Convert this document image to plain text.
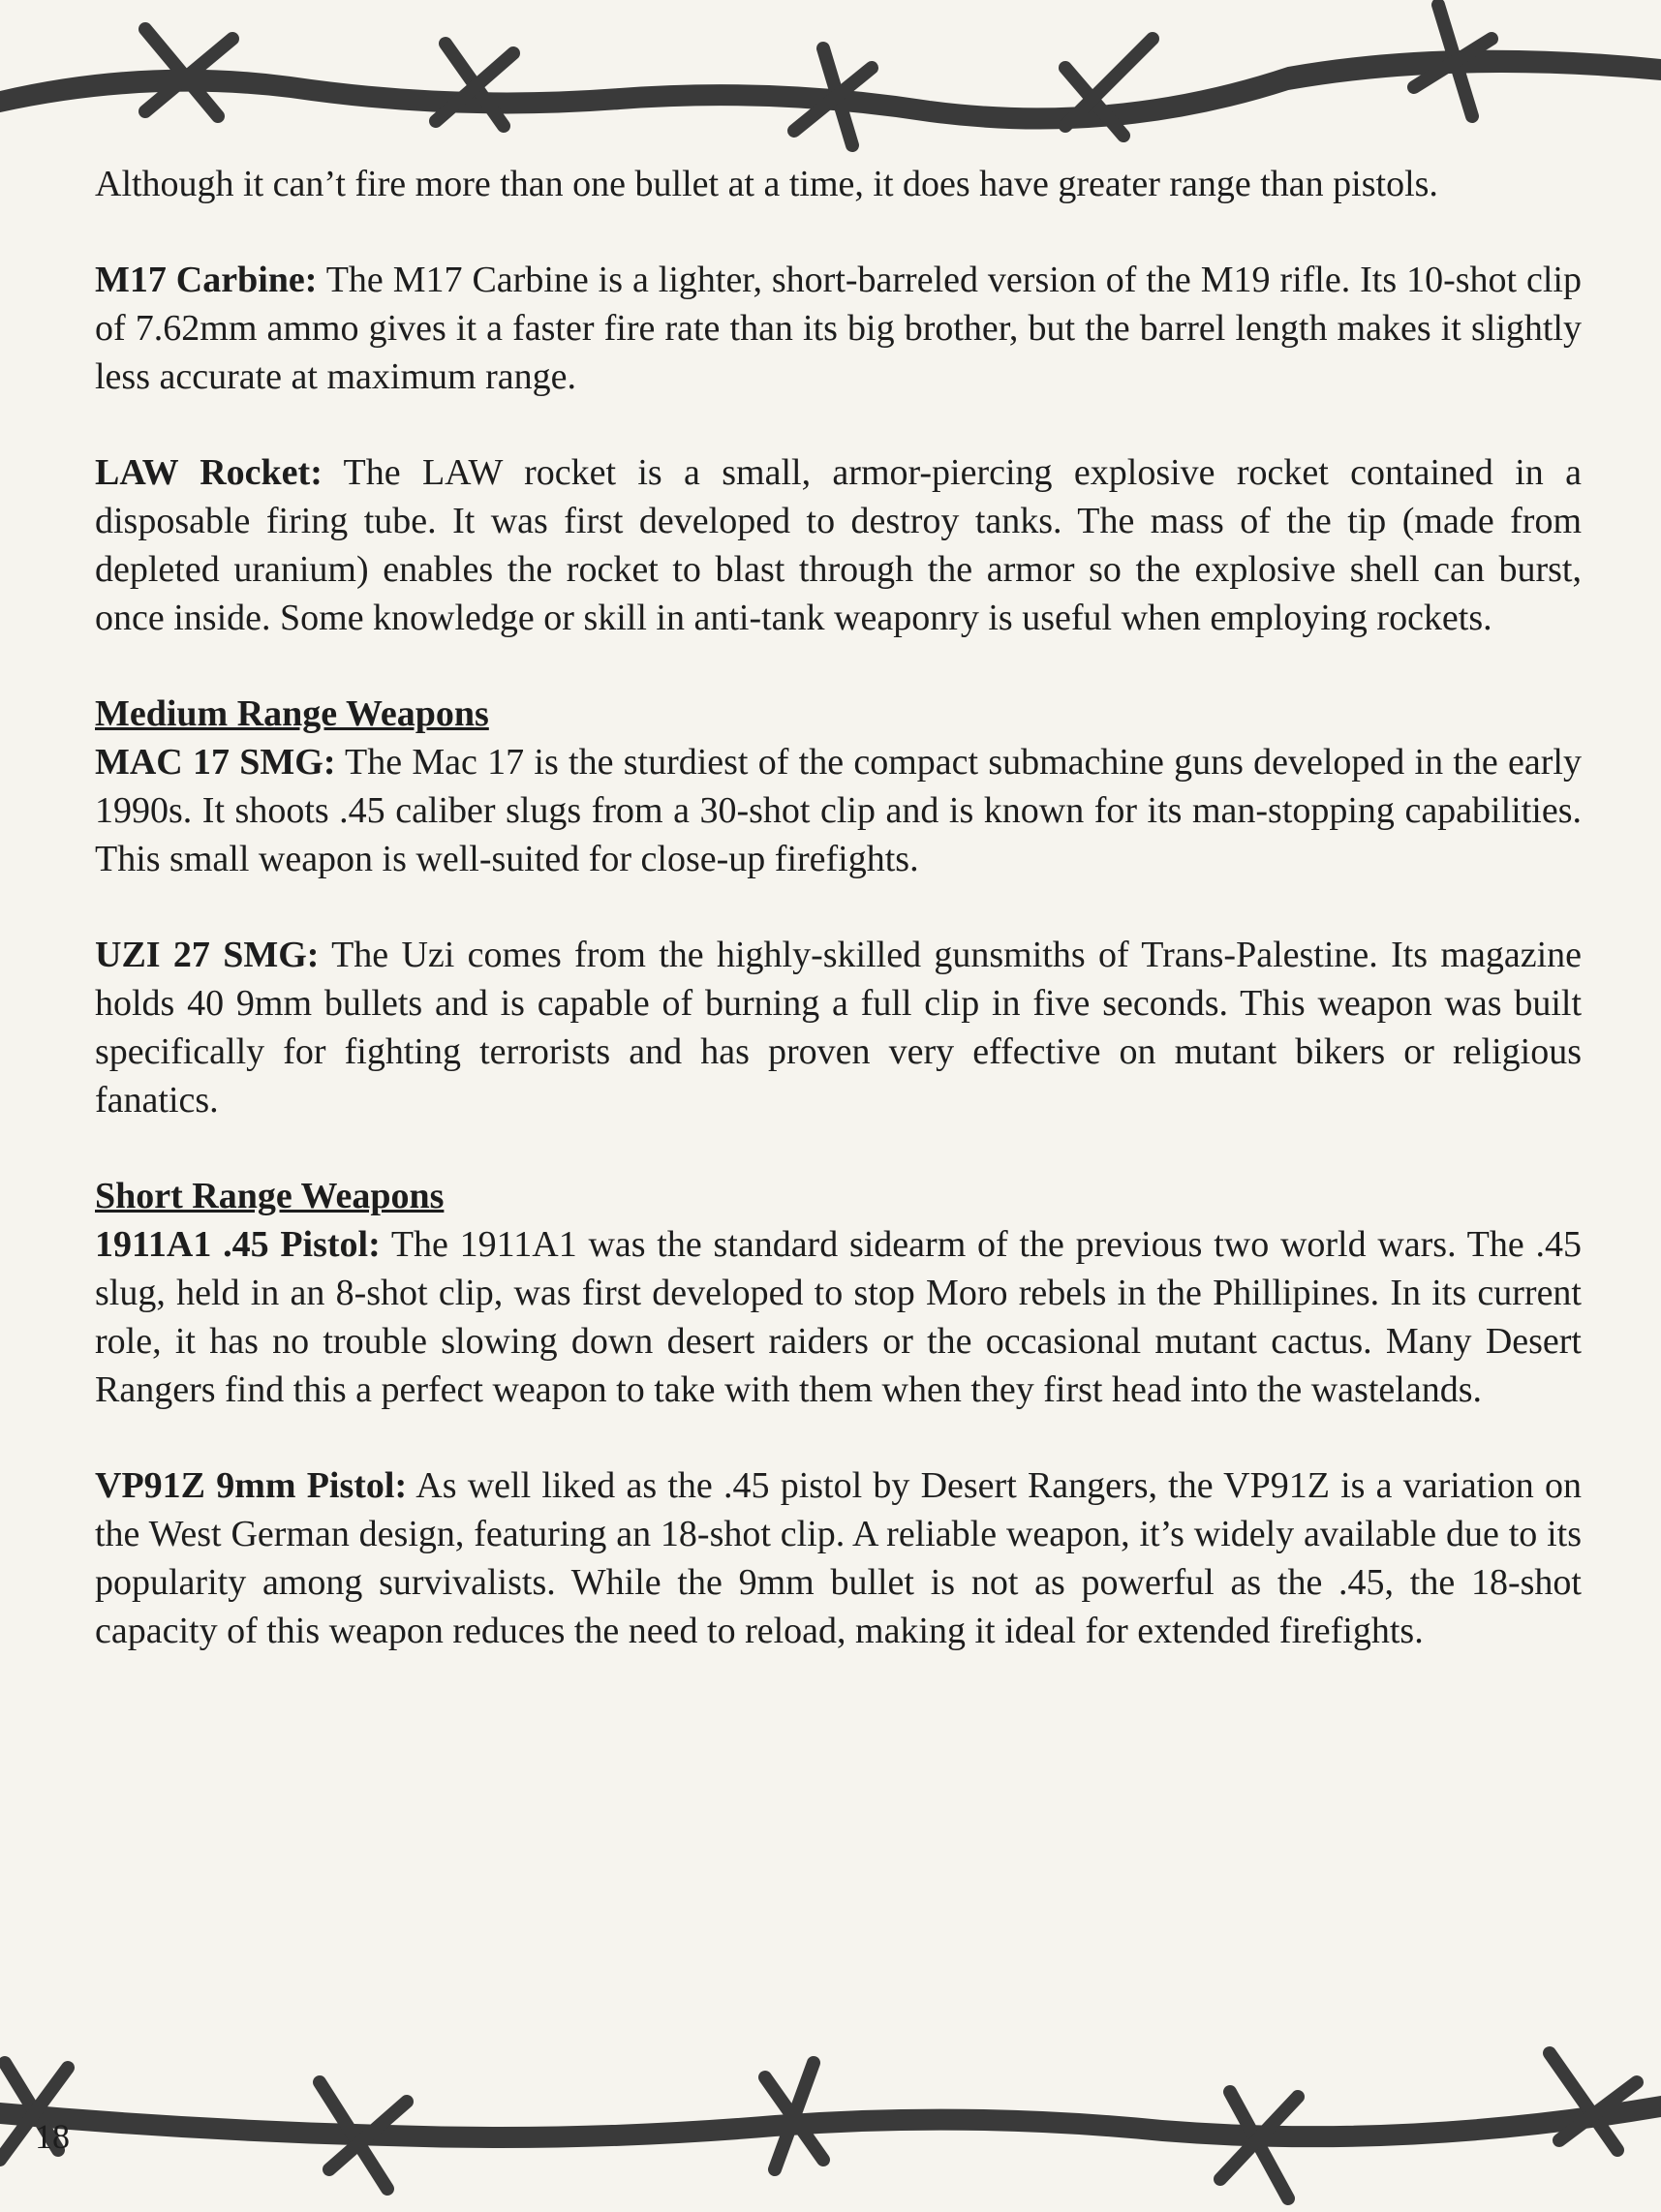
Although it can’t fire more than one bullet at a time, it does have greater range than pistols.

M17 Carbine: The M17 Carbine is a lighter, short-barreled version of the M19 rifle. Its 10-shot clip of 7.62mm ammo gives it a faster fire rate than its big brother, but the barrel length makes it slightly less accurate at maximum range.

LAW Rocket: The LAW rocket is a small, armor-piercing explosive rocket contained in a disposable firing tube. It was first developed to destroy tanks. The mass of the tip (made from depleted uranium) enables the rocket to blast through the armor so the explosive shell can burst, once inside. Some knowledge or skill in anti-tank weaponry is useful when employing rockets.

Medium Range Weapons

MAC 17 SMG: The Mac 17 is the sturdiest of the compact submachine guns developed in the early 1990s. It shoots .45 caliber slugs from a 30-shot clip and is known for its man-stopping capabilities. This small weapon is well-suited for close-up firefights.

UZI 27 SMG: The Uzi comes from the highly-skilled gunsmiths of Trans-Palestine. Its magazine holds 40 9mm bullets and is capable of burning a full clip in five seconds. This weapon was built specifically for fighting terrorists and has proven very effective on mutant bikers or religious fanatics.

Short Range Weapons

1911A1 .45 Pistol: The 1911A1 was the standard sidearm of the previous two world wars. The .45 slug, held in an 8-shot clip, was first developed to stop Moro rebels in the Phillipines. In its current role, it has no trouble slowing down desert raiders or the occasional mutant cactus. Many Desert Rangers find this a perfect weapon to take with them when they first head into the wastelands.

VP91Z 9mm Pistol: As well liked as the .45 pistol by Desert Rangers, the VP91Z is a variation on the West German design, featuring an 18-shot clip. A reliable weapon, it’s widely available due to its popularity among survivalists. While the 9mm bullet is not as powerful as the .45, the 18-shot capacity of this weapon reduces the need to reload, making it ideal for extended firefights.

18
